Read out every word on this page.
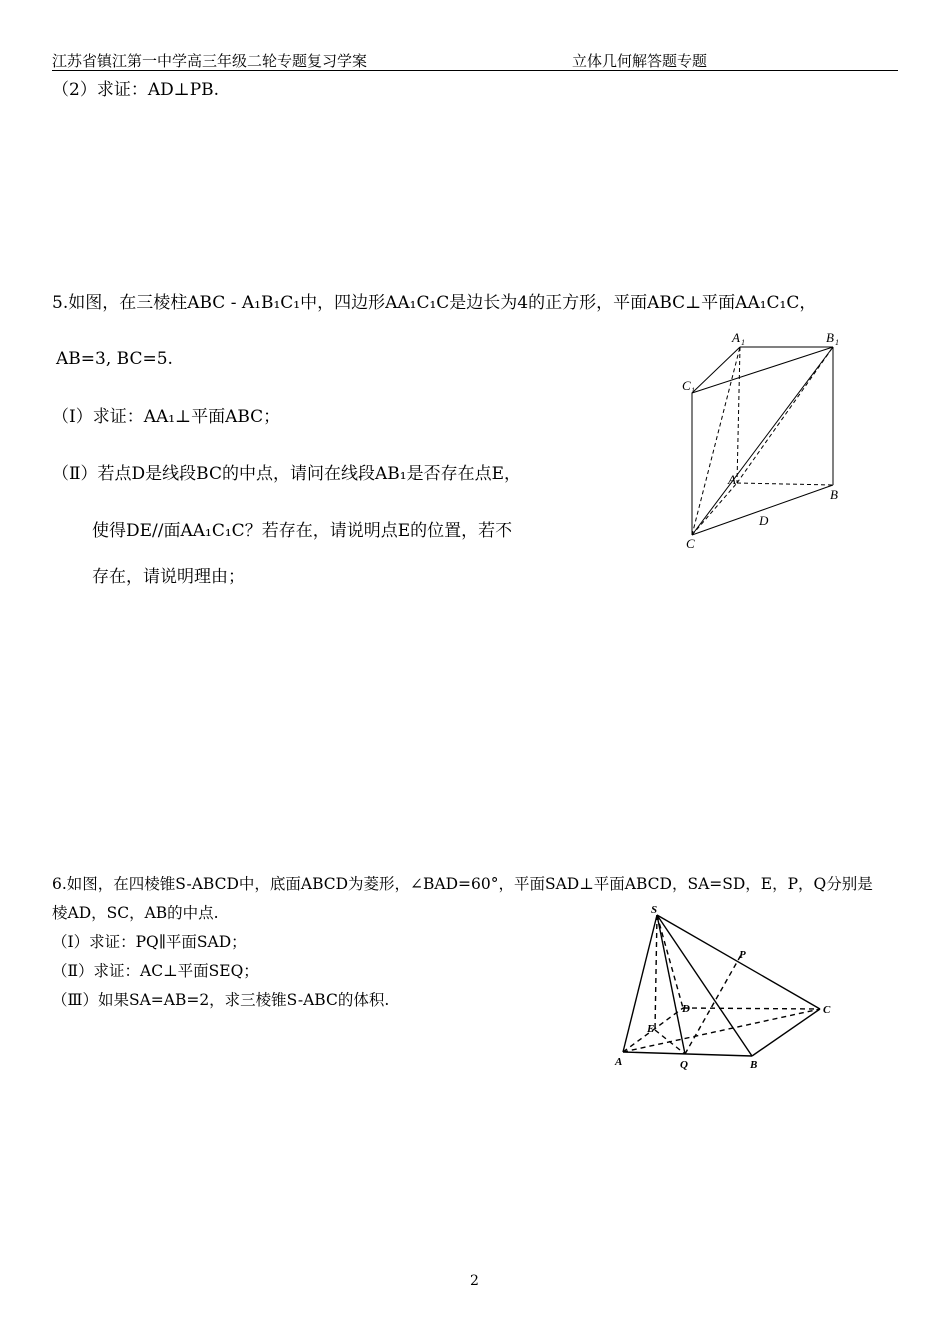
江苏省镇江第一中学高三年级二轮专题复习学案	立体几何解答题专题
（2）求证：AD⊥PB.
5.如图，在三棱柱ABC - A₁B₁C₁中，四边形AA₁C₁C是边长为4的正方形，平面ABC⊥平面AA₁C₁C，
AB=3, BC=5.
（Ⅰ）求证：AA₁⊥平面ABC；
（Ⅱ）若点D是线段BC的中点，请问在线段AB₁是否存在点E，
使得DE//面AA₁C₁C？若存在，请说明点E的位置，若不
存在，请说明理由；
A 1	B 1
C 1
A
B
C
D
6.如图，在四棱锥S-ABCD中，底面ABCD为菱形，∠BAD=60°，平面SAD⊥平面ABCD，SA=SD，E，P，Q分别是
棱AD，SC，AB的中点.
（Ⅰ）求证：PQ∥平面SAD；
（Ⅱ）求证：AC⊥平面SEQ；
（Ⅲ）如果SA=AB=2，求三棱锥S-ABC的体积.
S
P
D	C
E
A	Q	B
2
